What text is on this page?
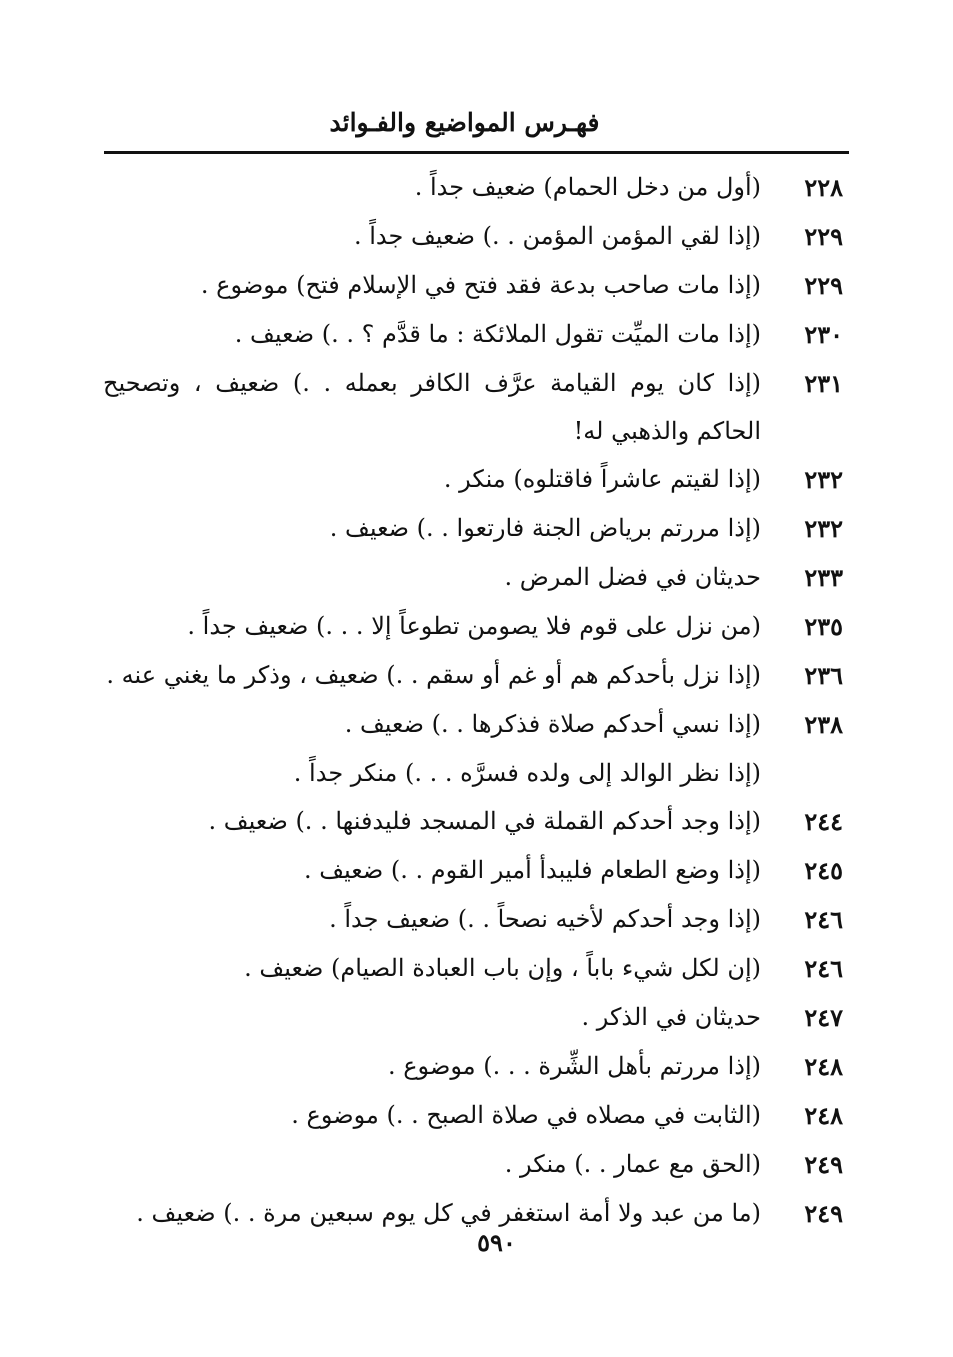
فهـرس المواضيع والفـوائد
٢٢٨
(أول من دخل الحمام) ضعيف جداً .
٢٢٩
(إذا لقي المؤمن المؤمن . .) ضعيف جداً .
٢٢٩
(إذا مات صاحب بدعة فقد فتح في الإسلام فتح) موضوع .
٢٣٠
(إذا مات الميِّت تقول الملائكة : ما قدَّم ؟ . .) ضعيف .
٢٣١
(إذا كان يوم القيامة عرَّف الكافر بعمله . .) ضعيف ، وتصحيح الحاكم والذهبي له!
٢٣٢
(إذا لقيتم عاشراً فاقتلوه) منكر .
٢٣٢
(إذا مررتم برياض الجنة فارتعوا . .) ضعيف .
٢٣٣
حديثان في فضل المرض .
٢٣٥
(من نزل على قوم فلا يصومن تطوعاً إلا . . .) ضعيف جداً .
٢٣٦
(إذا نزل بأحدكم هم أو غم أو سقم . .) ضعيف ، وذكر ما يغني عنه .
٢٣٨
(إذا نسي أحدكم صلاة فذكرها . .) ضعيف .
(إذا نظر الوالد إلى ولده فسرَّه . . .) منكر جداً .
٢٤٤
(إذا وجد أحدكم القملة في المسجد فليدفنها . .) ضعيف .
٢٤٥
(إذا وضع الطعام فليبدأ أمير القوم . .) ضعيف .
٢٤٦
(إذا وجد أحدكم لأخيه نصحاً . .) ضعيف جداً .
٢٤٦
(إن لكل شيء باباً ، وإن باب العبادة الصيام) ضعيف .
٢٤٧
حديثان في الذكر .
٢٤٨
(إذا مررتم بأهل الشِّرة . . .) موضوع .
٢٤٨
(الثابت في مصلاه في صلاة الصبح . .) موضوع .
٢٤٩
(الحق مع عمار . .) منكر .
٢٤٩
(ما من عبد ولا أمة استغفر في كل يوم سبعين مرة . .) ضعيف .
٥٩٠
